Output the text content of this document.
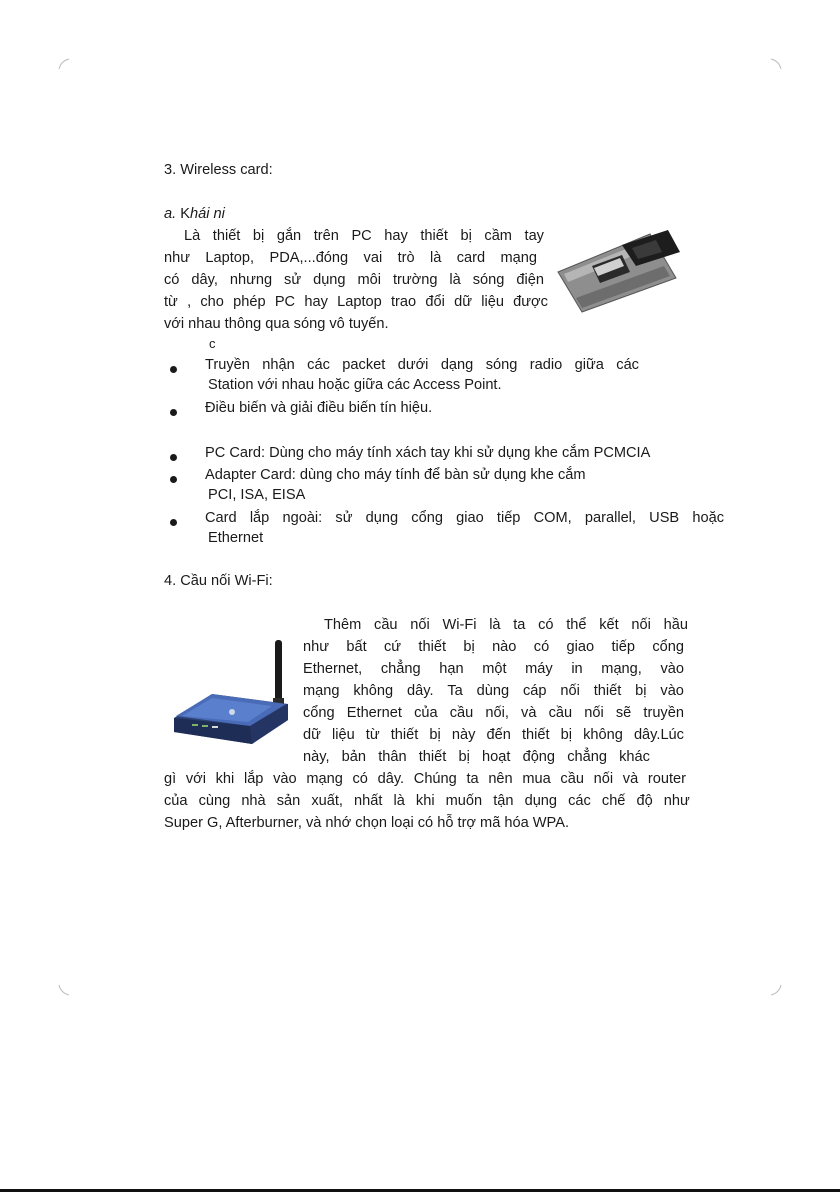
3. Wireless card:
a. Khái ni
Là thiết bị gắn trên PC hay thiết bị cầm tay
như Laptop, PDA,...đóng vai trò là card mạng
có dây, nhưng sử dụng môi trường là sóng điện
từ , cho phép PC hay Laptop trao đổi dữ liệu được
với nhau thông qua sóng vô tuyến.
c
Truyền nhận các packet dưới dạng sóng radio giữa các
Station với nhau hoặc giữa các Access Point.
Điều biến và giải điều biến tín hiệu.
PC Card: Dùng cho máy tính xách tay khi sử dụng khe cắm PCMCIA
Adapter Card: dùng cho máy tính để bàn sử dụng khe cắm
PCI, ISA, EISA
Card lắp ngoài: sử dụng cổng giao tiếp COM, parallel, USB hoặc
Ethernet
4. Cầu nối Wi-Fi:
Thêm cầu nối Wi-Fi là ta có thể kết nối hầu
như bất cứ thiết bị nào có giao tiếp cổng
Ethernet, chẳng hạn một máy in mạng, vào
mạng không dây. Ta dùng cáp nối thiết bị vào
cổng Ethernet của cầu nối, và cầu nối sẽ truyền
dữ liệu từ thiết bị này đến thiết bị không dây.Lúc
này, bản thân thiết bị hoạt động chẳng khác
gì với khi lắp vào mạng có dây. Chúng ta nên mua cầu nối và router
của cùng nhà sản xuất, nhất là khi muốn tận dụng các chế độ như
Super G, Afterburner, và nhớ chọn loại có hỗ trợ mã hóa WPA.
